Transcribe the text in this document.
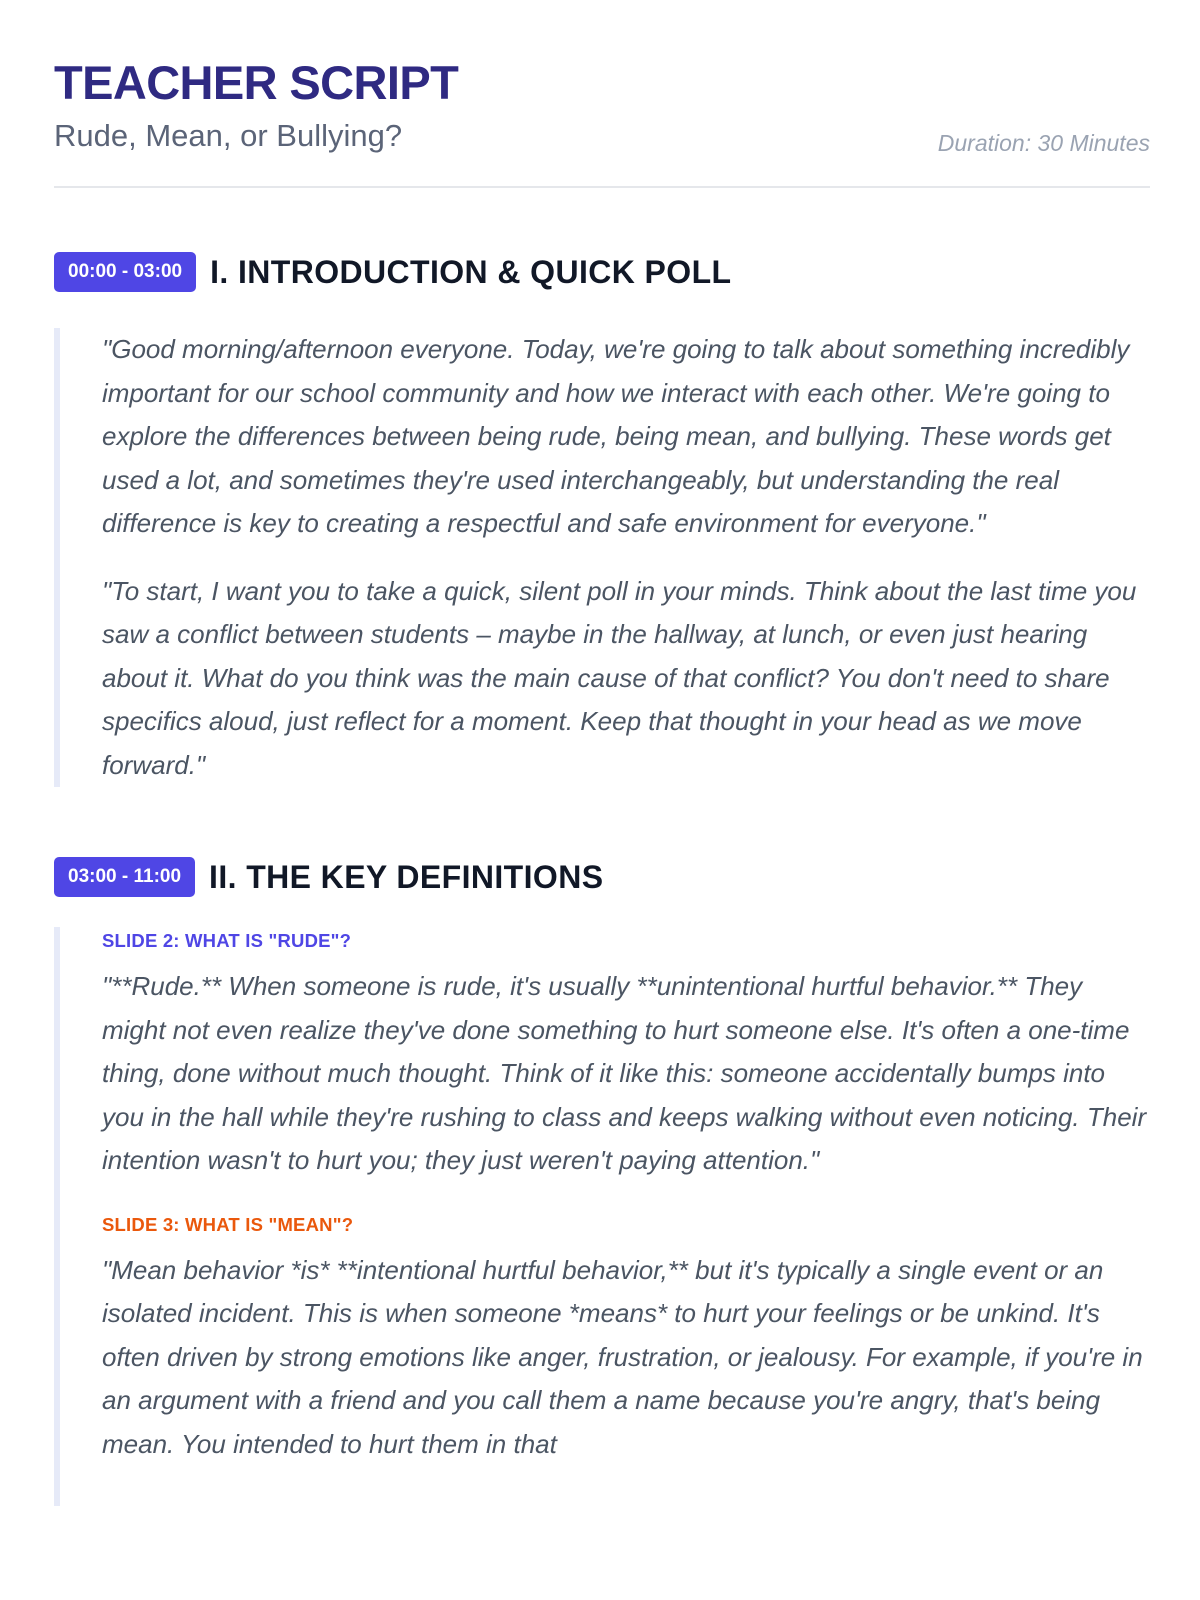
TEACHER SCRIPT

Rude, Mean, or Bullying?	Duration: 30 Minutes
00:00 - 03:00 I. INTRODUCTION & QUICK POLL

"Good morning/afternoon everyone. Today, we're going to talk about something incredibly important for our school community and how we interact with each other. We're going to explore the differences between being rude, being mean, and bullying. These words get used a lot, and sometimes they're used interchangeably, but understanding the real difference is key to creating a respectful and safe environment for everyone."

"To start, I want you to take a quick, silent poll in your minds. Think about the last time you saw a conflict between students – maybe in the hallway, at lunch, or even just hearing about it. What do you think was the main cause of that conflict? You don't need to share specifics aloud, just reflect for a moment. Keep that thought in your head as we move forward."

03:00 - 11:00 II. THE KEY DEFINITIONS

SLIDE 2: WHAT IS "RUDE"?

"**Rude.** When someone is rude, it's usually **unintentional hurtful behavior.** They might not even realize they've done something to hurt someone else. It's often a one-time thing, done without much thought. Think of it like this: someone accidentally bumps into you in the hall while they're rushing to class and keeps walking without even noticing. Their intention wasn't to hurt you; they just weren't paying attention."

SLIDE 3: WHAT IS "MEAN"?

"Mean behavior *is* **intentional hurtful behavior,** but it's typically a single event or an isolated incident. This is when someone *means* to hurt your feelings or be unkind. It's often driven by strong emotions like anger, frustration, or jealousy. For example, if you're in an argument with a friend and you call them a name because you're angry, that's being mean. You intended to hurt them in that
